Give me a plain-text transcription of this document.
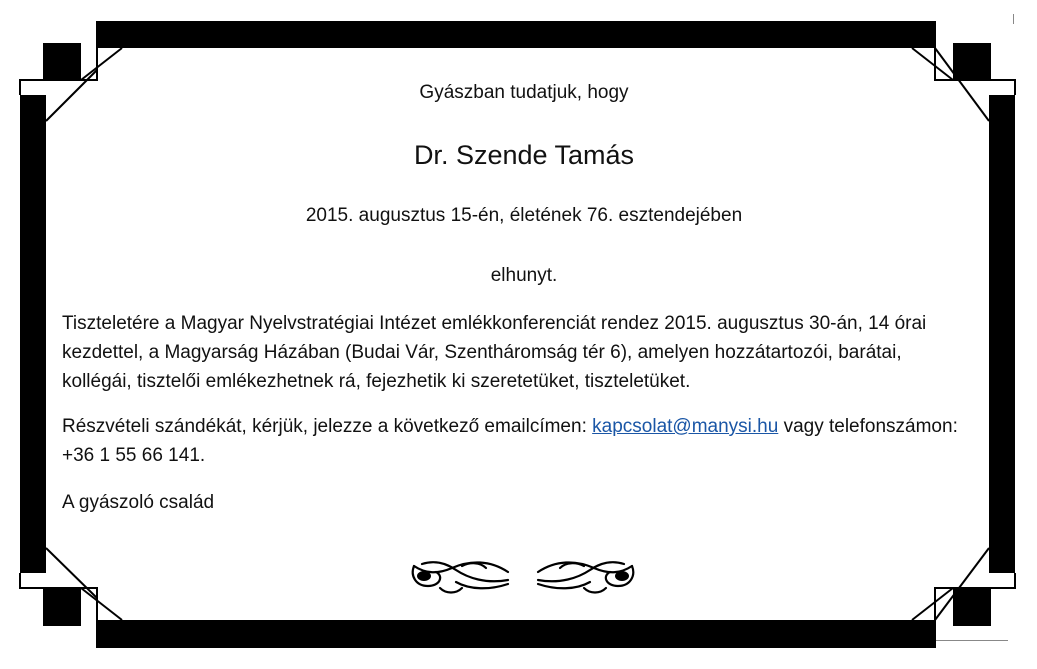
Gyászban tudatjuk, hogy
Dr. Szende Tamás
2015. augusztus 15-én, életének 76. esztendejében
elhunyt.

Tiszteletére a Magyar Nyelvstratégiai Intézet emlékkonferenciát rendez 2015. augusztus 30-án, 14 órai kezdettel, a Magyarság Házában (Budai Vár, Szentháromság tér 6), amelyen hozzátartozói, barátai, kollégái, tisztelői emlékezhetnek rá, fejezhetik ki szeretetüket, tiszteletüket.

Részvételi szándékát, kérjük, jelezze a következő emailcímen: kapcsolat@manysi.hu vagy telefonszámon: +36 1 55 66 141.

A gyászoló család
